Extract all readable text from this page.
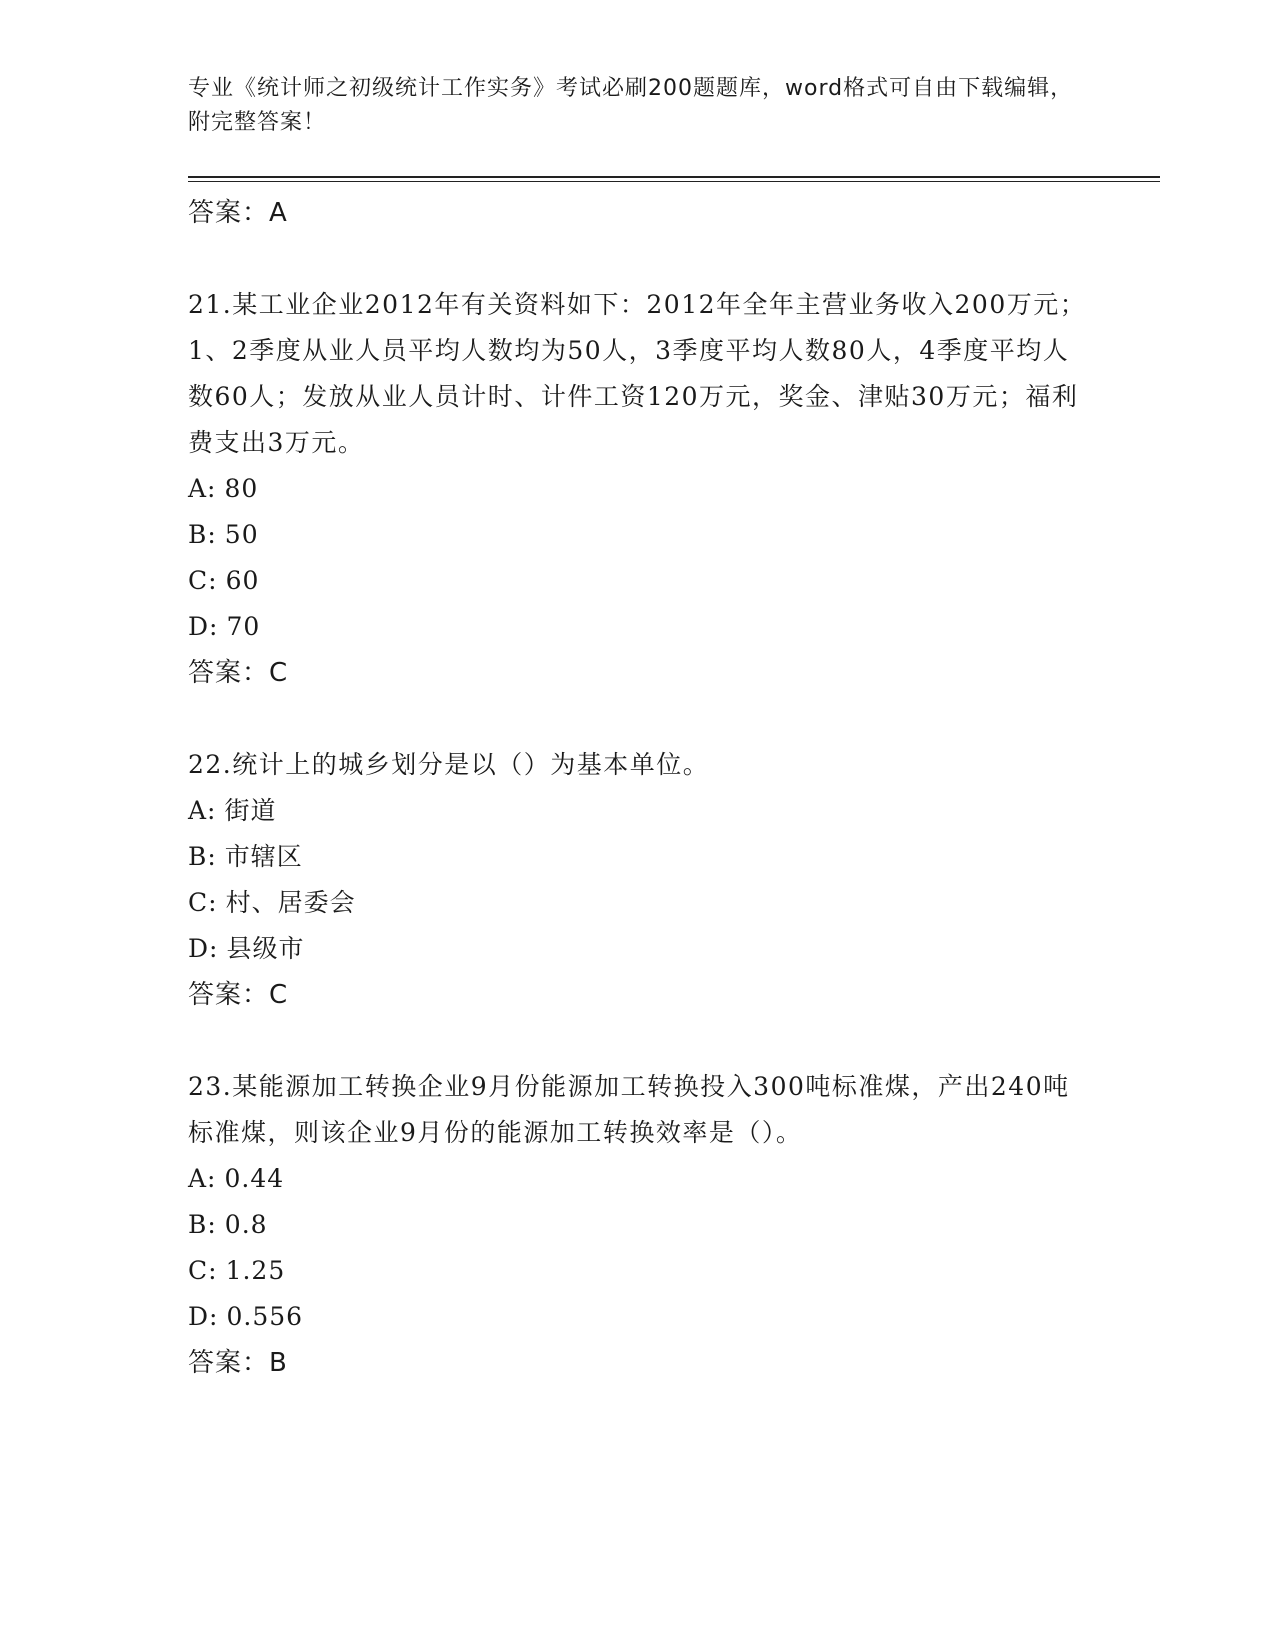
专业《统计师之初级统计工作实务》考试必刷200题题库，word格式可自由下载编辑，附完整答案！
答案：A

21.某工业企业2012年有关资料如下：2012年全年主营业务收入200万元；1、2季度从业人员平均人数均为50人，3季度平均人数80人，4季度平均人数60人；发放从业人员计时、计件工资120万元，奖金、津贴30万元；福利费支出3万元。

A: 80
B: 50
C: 60
D: 70
答案：C

22.统计上的城乡划分是以（）为基本单位。

A: 街道
B: 市辖区
C: 村、居委会
D: 县级市
答案：C

23.某能源加工转换企业9月份能源加工转换投入300吨标准煤，产出240吨标准煤，则该企业9月份的能源加工转换效率是（）。

A: 0.44
B: 0.8
C: 1.25
D: 0.556
答案：B
